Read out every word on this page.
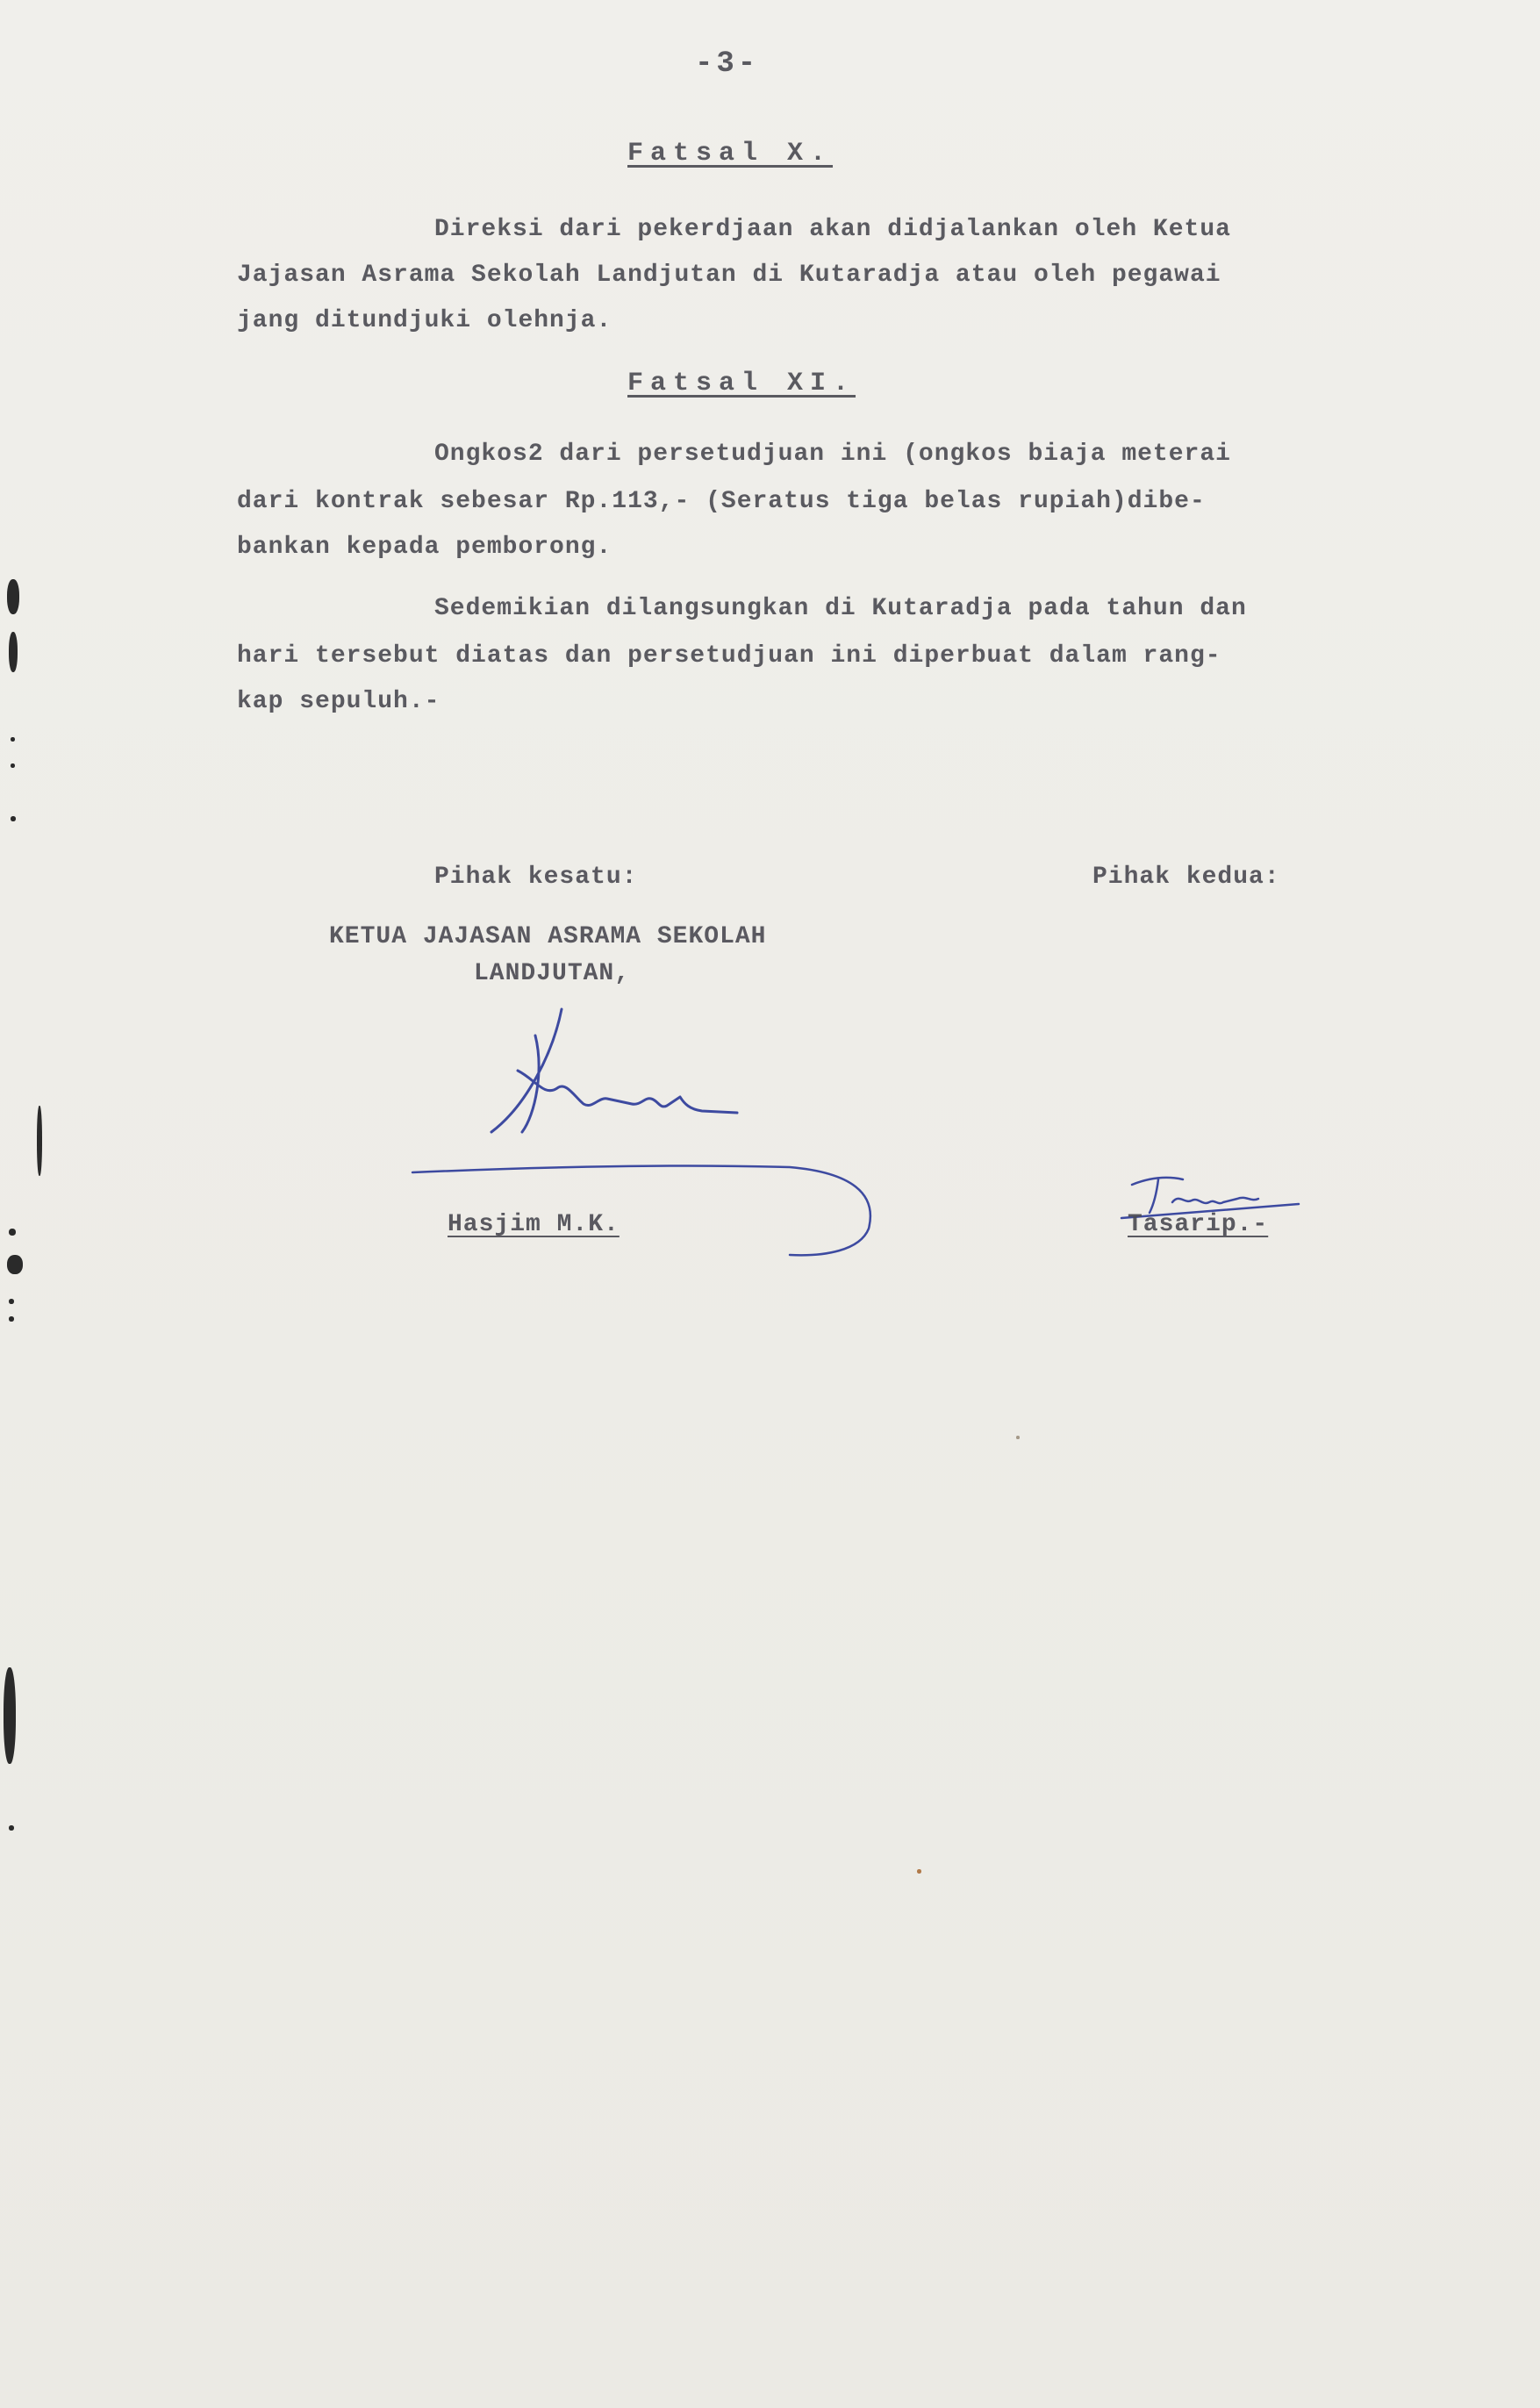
-3-
Fatsal X.
Direksi dari pekerdjaan akan didjalankan oleh Ketua
Jajasan Asrama Sekolah Landjutan di Kutaradja atau oleh pegawai
jang ditundjuki olehnja.
Fatsal XI.
Ongkos2 dari persetudjuan ini (ongkos biaja meterai
dari kontrak sebesar Rp.113,- (Seratus tiga belas rupiah)dibe-
bankan kepada pemborong.
Sedemikian dilangsungkan di Kutaradja pada tahun dan
hari tersebut diatas dan persetudjuan ini diperbuat dalam rang-
kap sepuluh.-
Pihak kesatu:	Pihak kedua:
KETUA JAJASAN ASRAMA SEKOLAH
LANDJUTAN,
Hasjim M.K.	Tasarip.-
